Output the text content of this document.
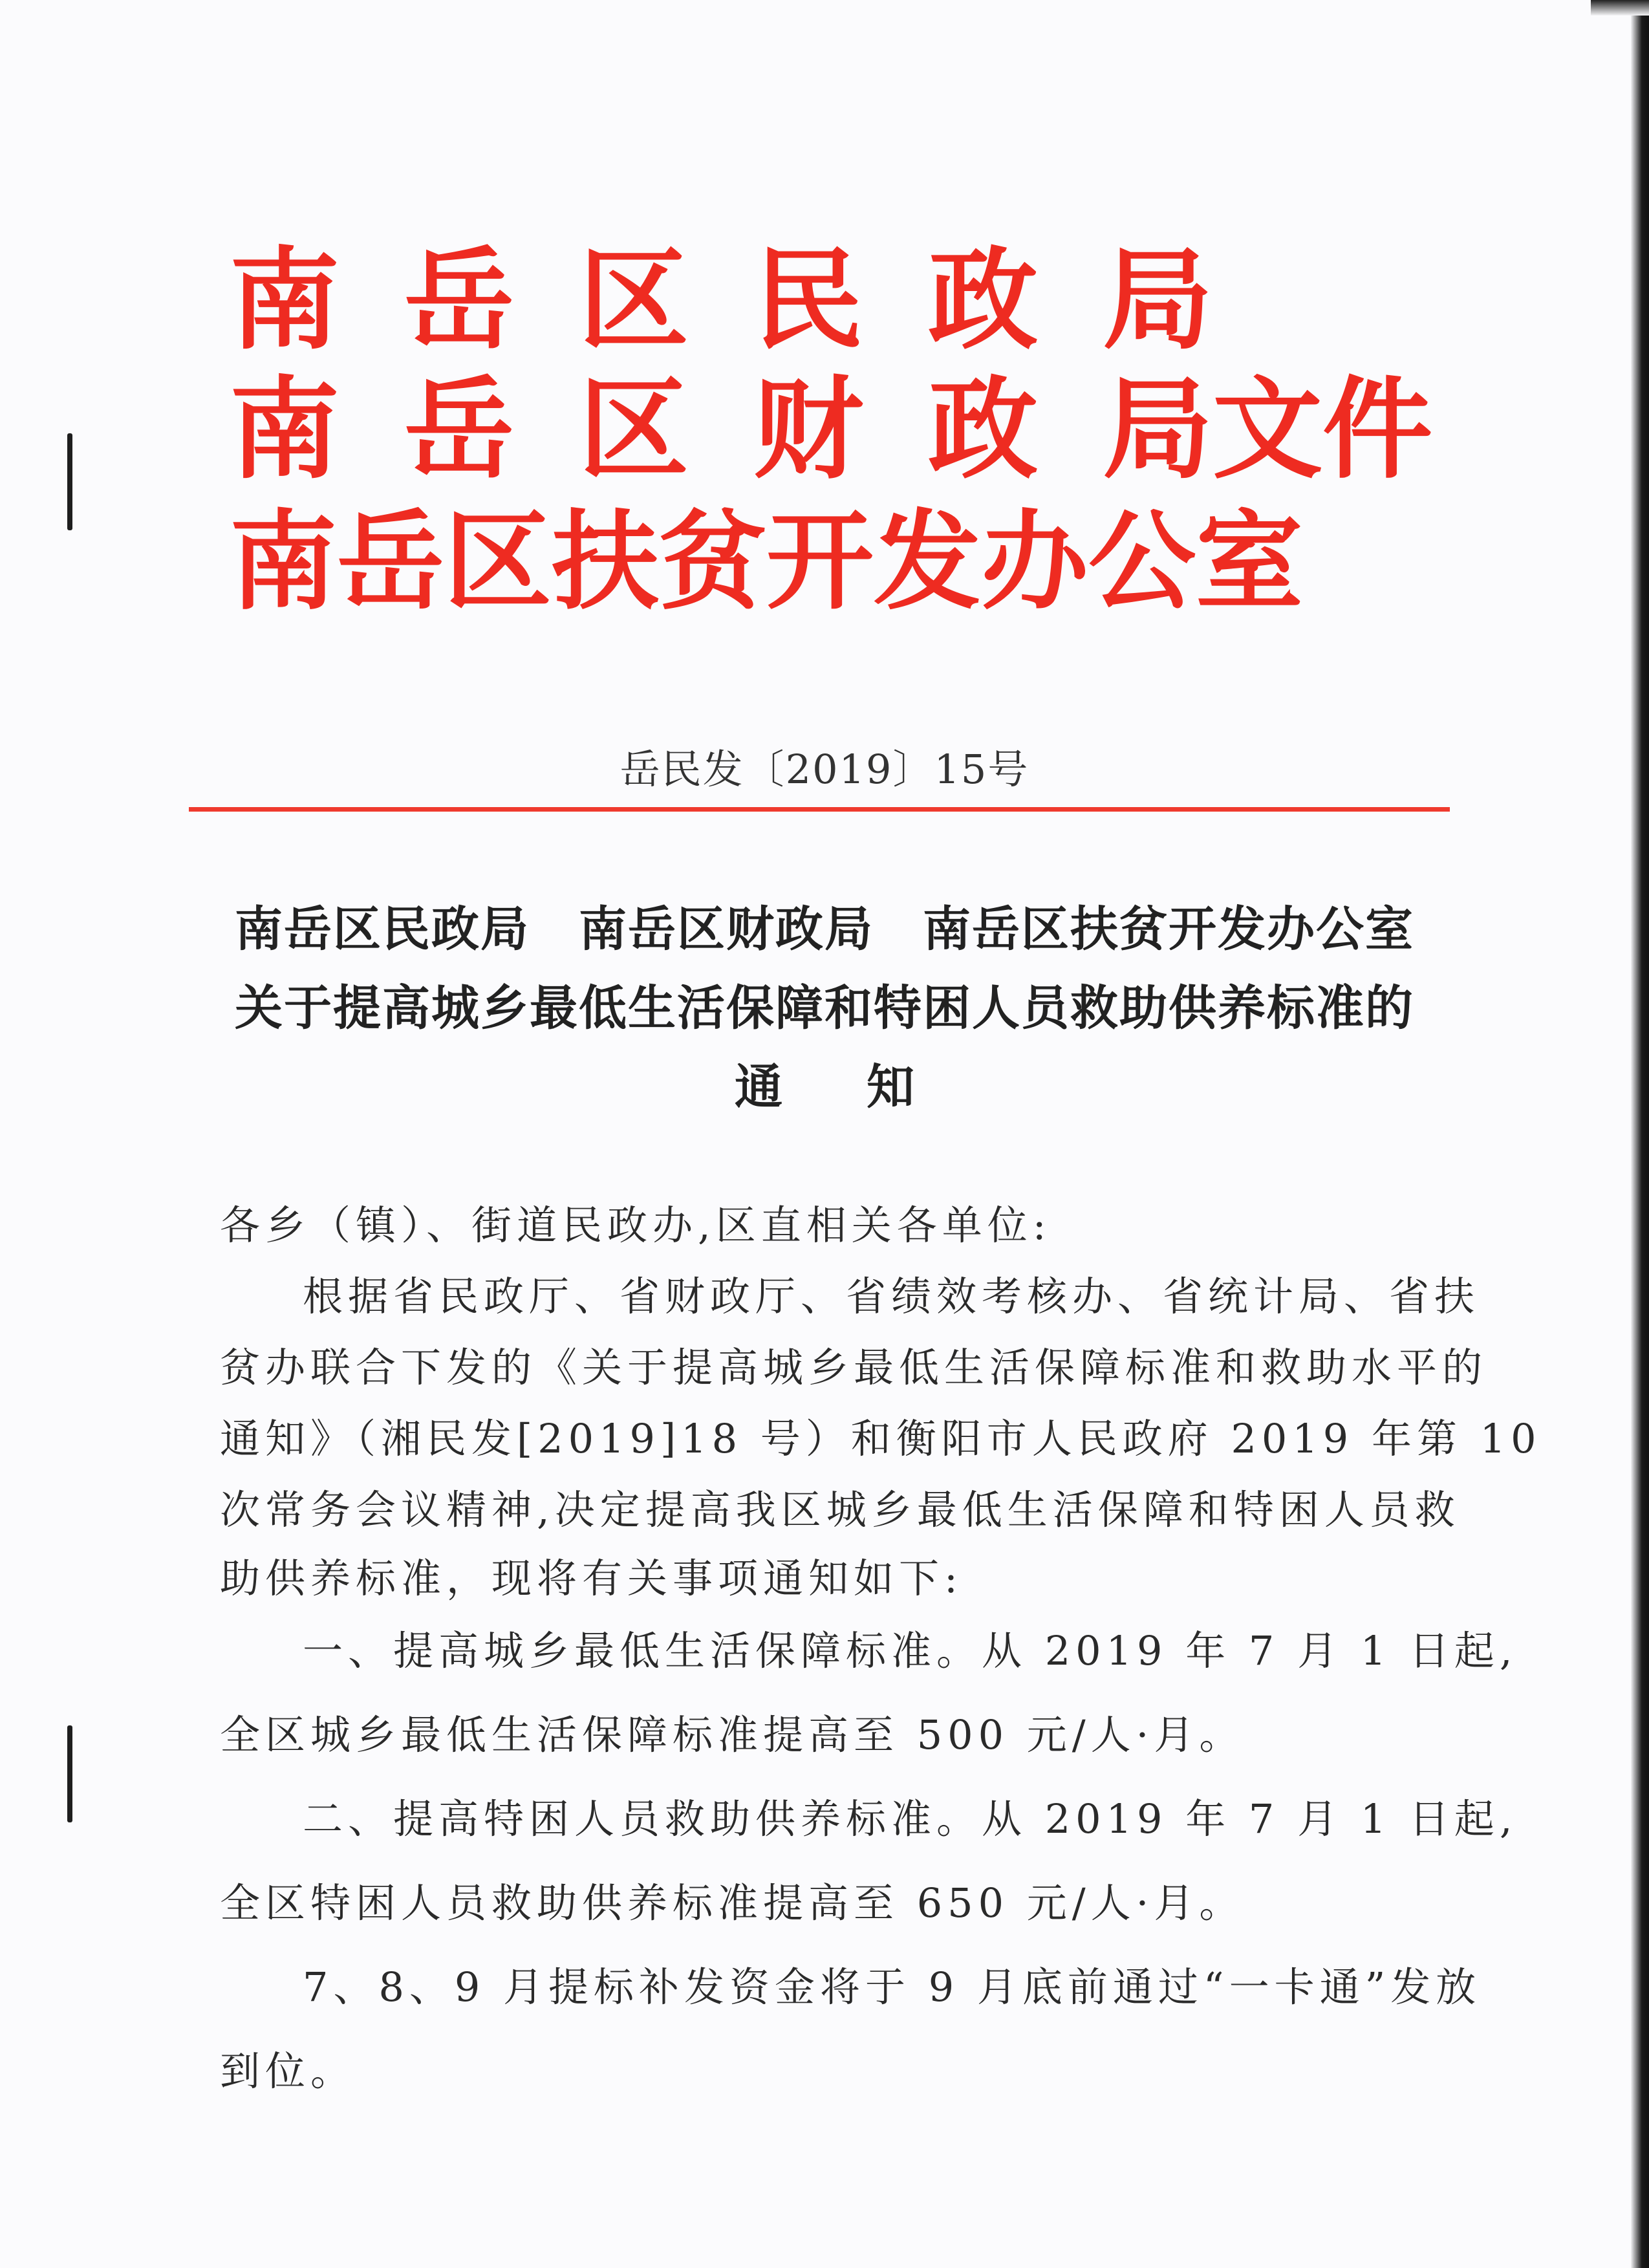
南 岳 区 民 政 局
南 岳 区 财 政 局文件
南岳区扶贫开发办公室
岳民发〔2019〕15号
南岳区民政局　南岳区财政局　南岳区扶贫开发办公室
关于提高城乡最低生活保障和特困人员救助供养标准的
通知
各乡（镇）、街道民政办,区直相关各单位:
根据省民政厅、省财政厅、省绩效考核办、省统计局、省扶
贫办联合下发的《关于提高城乡最低生活保障标准和救助水平的
通知》（湘民发[2019]18 号）和衡阳市人民政府 2019 年第 10
次常务会议精神,决定提高我区城乡最低生活保障和特困人员救
助供养标准，现将有关事项通知如下:
一、提高城乡最低生活保障标准。从 2019 年 7 月 1 日起,
全区城乡最低生活保障标准提高至 500 元/人·月。
二、提高特困人员救助供养标准。从 2019 年 7 月 1 日起,
全区特困人员救助供养标准提高至 650 元/人·月。
7、8、9 月提标补发资金将于 9 月底前通过“一卡通”发放
到位。
